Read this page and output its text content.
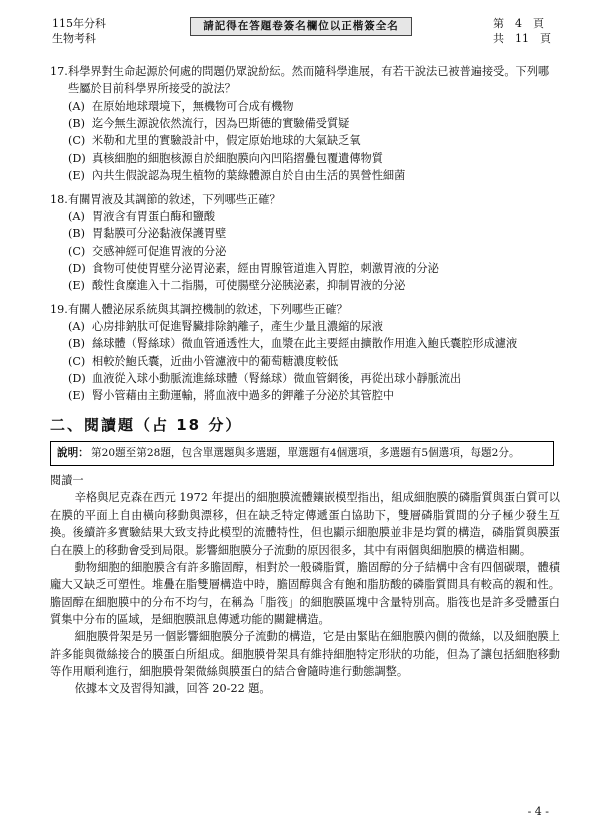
115年分科
生物考科
請記得在答題卷簽名欄位以正楷簽全名	第　4　頁
共　11　頁
17. 科學界對生命起源於何處的問題仍眾說紛紜。然而隨科學進展，有若干說法已被普遍接受。下列哪些屬於目前科學界所接受的說法？
(A) 在原始地球環境下，無機物可合成有機物
(B) 迄今無生源說依然流行，因為巴斯德的實驗備受質疑
(C) 米勒和尤里的實驗設計中，假定原始地球的大氣缺乏氧
(D) 真核細胞的細胞核源自於細胞膜向內凹陷摺疊包覆遺傳物質
(E) 內共生假說認為現生植物的葉綠體源自於自由生活的異營性細菌
18. 有關胃液及其調節的敘述，下列哪些正確？
(A) 胃液含有胃蛋白酶和鹽酸
(B) 胃黏膜可分泌黏液保護胃壁
(C) 交感神經可促進胃液的分泌
(D) 食物可使使胃壁分泌胃泌素，經由胃腺管道進入胃腔，刺激胃液的分泌
(E) 酸性食糜進入十二指腸，可使腸壁分泌胰泌素，抑制胃液的分泌
19. 有關人體泌尿系統與其調控機制的敘述，下列哪些正確？
(A) 心房排鈉肽可促進腎臟排除鈉離子，產生少量且濃縮的尿液
(B) 絲球體（腎絲球）微血管通透性大，血漿在此主要經由擴散作用進入鮑氏囊腔形成濾液
(C) 相較於鮑氏囊，近曲小管濾液中的葡萄糖濃度較低
(D) 血液從入球小動脈流進絲球體（腎絲球）微血管網後，再從出球小靜脈流出
(E) 腎小管藉由主動運輸，將血液中過多的鉀離子分泌於其管腔中
二、閱讀題（占 18 分）
說明： 第20題至第28題，包含單選題與多選題，單選題有4個選項，多選題有5個選項，每題2分。
閱讀一

辛格與尼克森在西元 1972 年提出的細胞膜流體鑲嵌模型指出，組成細胞膜的磷脂質與蛋白質可以在膜的平面上自由橫向移動與漂移，但在缺乏特定傳遞蛋白協助下，雙層磷脂質間的分子極少發生互換。後續許多實驗結果大致支持此模型的流體特性，但也顯示細胞膜並非是均質的構造，磷脂質與膜蛋白在膜上的移動會受到局限。影響細胞膜分子流動的原因很多，其中有兩個與細胞膜的構造相關。

動物細胞的細胞膜含有許多膽固醇，相對於一般磷脂質，膽固醇的分子結構中含有四個碳環，體積龐大又缺乏可塑性。堆疊在脂雙層構造中時，膽固醇與含有飽和脂肪酸的磷脂質間具有較高的親和性。膽固醇在細胞膜中的分布不均勻，在稱為「脂筏」的細胞膜區塊中含量特別高。脂筏也是許多受體蛋白質集中分布的區域，是細胞膜訊息傳遞功能的關鍵構造。

細胞膜骨架是另一個影響細胞膜分子流動的構造，它是由緊貼在細胞膜內側的微絲，以及細胞膜上許多能與微絲接合的膜蛋白所組成。細胞膜骨架具有維持細胞特定形狀的功能，但為了讓包括細胞移動等作用順利進行，細胞膜骨架微絲與膜蛋白的結合會隨時進行動態調整。

依據本文及習得知識，回答 20-22 題。

- 4 -
